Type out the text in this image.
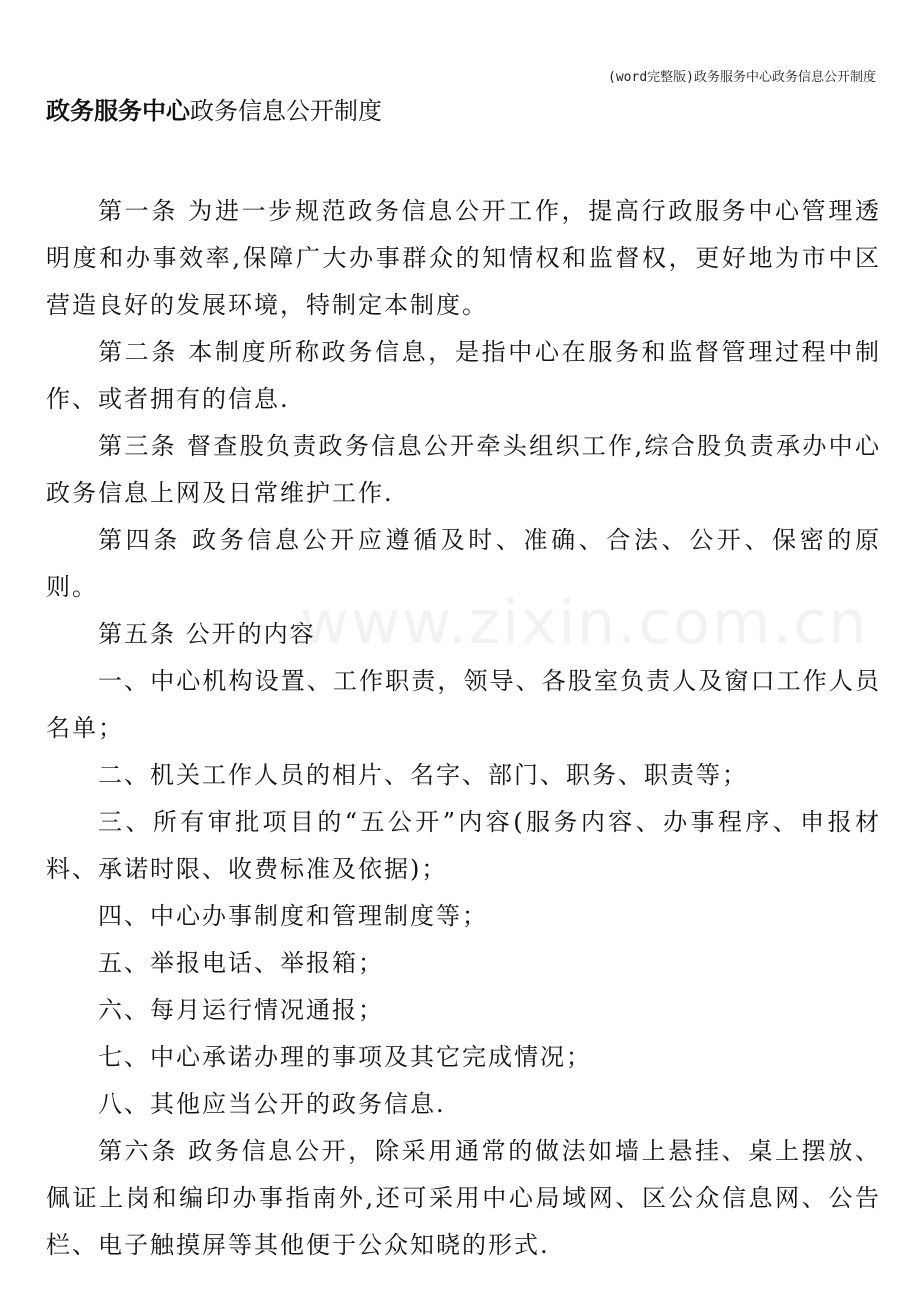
(word完整版)政务服务中心政务信息公开制度
政务服务中心政务信息公开制度

第一条 为进一步规范政务信息公开工作，提高行政服务中心管理透明度和办事效率,保障广大办事群众的知情权和监督权，更好地为市中区营造良好的发展环境，特制定本制度。

第二条 本制度所称政务信息，是指中心在服务和监督管理过程中制作、或者拥有的信息.

第三条 督查股负责政务信息公开牵头组织工作,综合股负责承办中心政务信息上网及日常维护工作.

第四条 政务信息公开应遵循及时、准确、合法、公开、保密的原则。

第五条 公开的内容

一、中心机构设置、工作职责，领导、各股室负责人及窗口工作人员名单；

二、机关工作人员的相片、名字、部门、职务、职责等；

三、所有审批项目的“五公开”内容(服务内容、办事程序、申报材料、承诺时限、收费标准及依据)；

四、中心办事制度和管理制度等；

五、举报电话、举报箱；

六、每月运行情况通报；

七、中心承诺办理的事项及其它完成情况；

八、其他应当公开的政务信息.

第六条 政务信息公开，除采用通常的做法如墙上悬挂、桌上摆放、佩证上岗和编印办事指南外,还可采用中心局域网、区公众信息网、公告栏、电子触摸屏等其他便于公众知晓的形式.

www.zixin.com.cn
